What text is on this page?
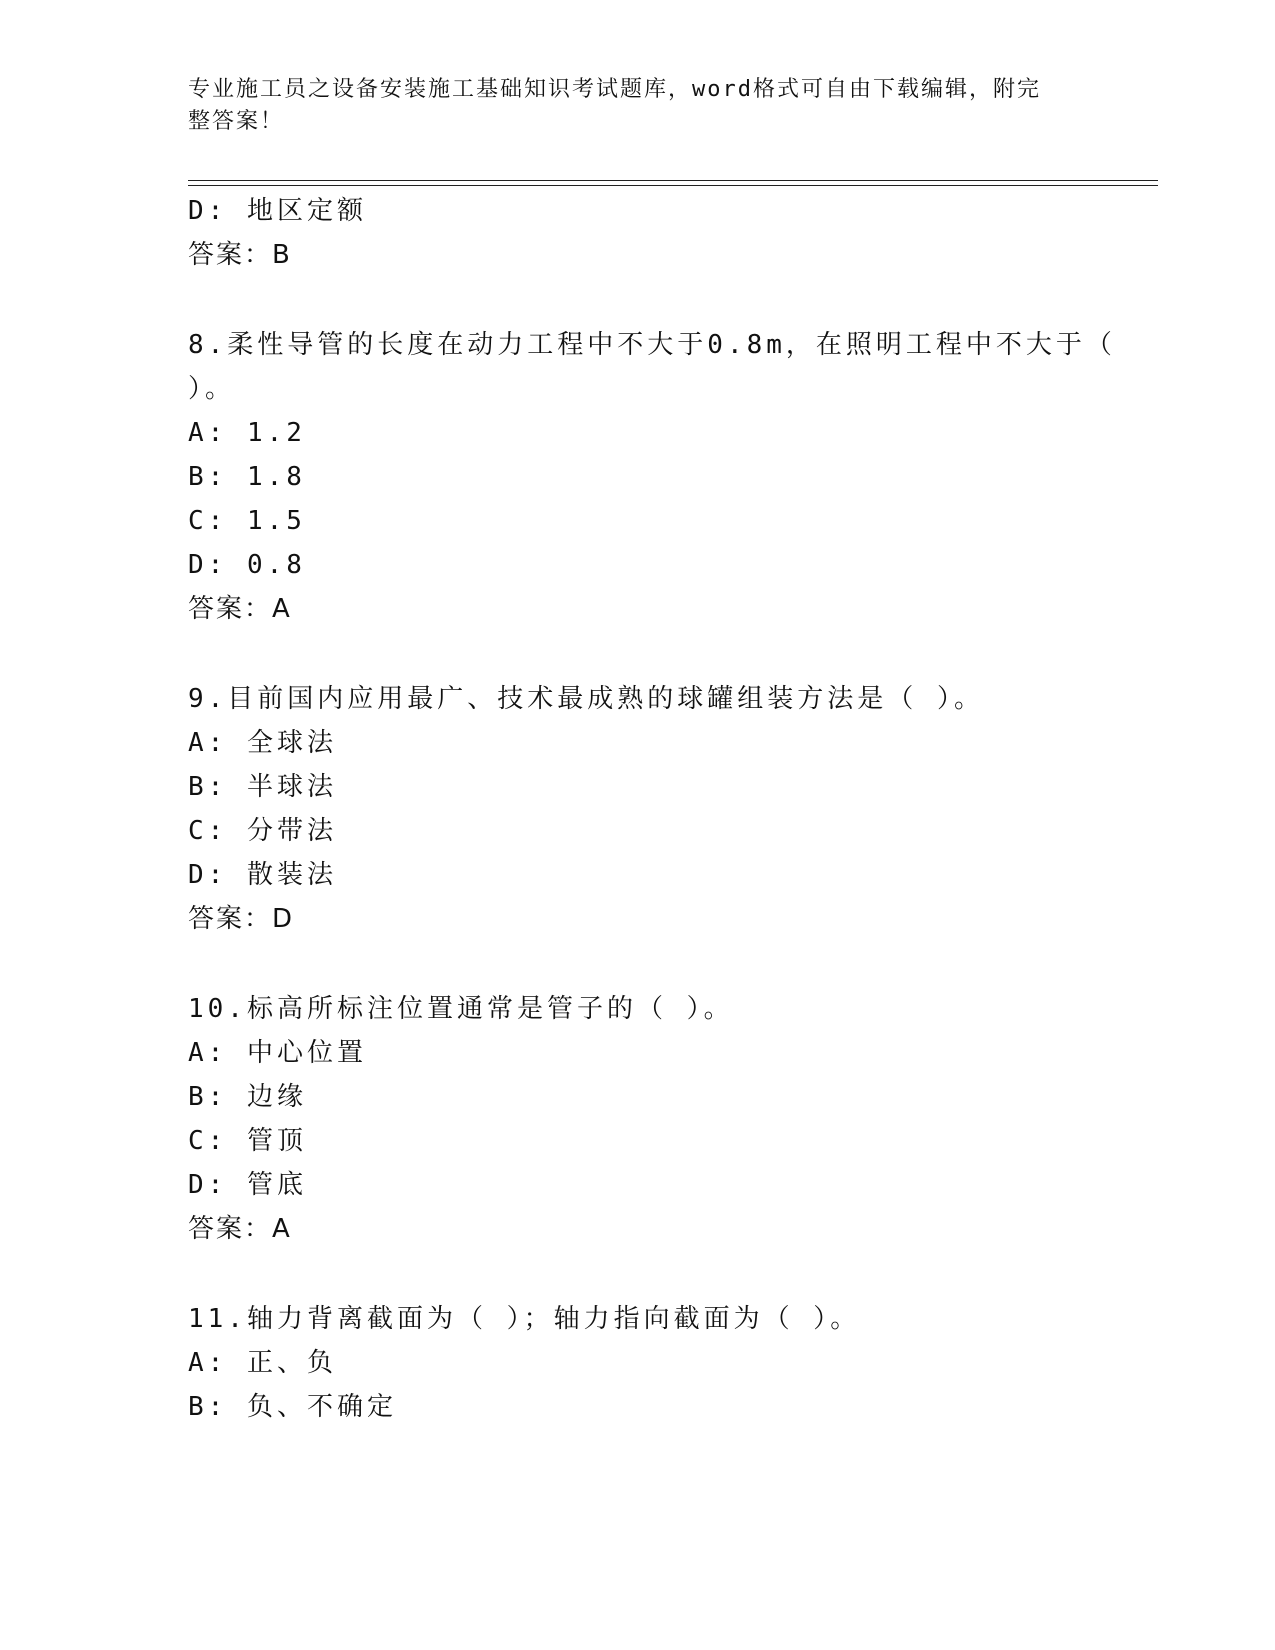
专业施工员之设备安装施工基础知识考试题库，word格式可自由下载编辑，附完
整答案！
D: 地区定额
答案：B
8.柔性导管的长度在动力工程中不大于0.8m，在照明工程中不大于（
）。
A: 1.2
B: 1.8
C: 1.5
D: 0.8
答案：A
9.目前国内应用最广、技术最成熟的球罐组装方法是（ ）。
A: 全球法
B: 半球法
C: 分带法
D: 散装法
答案：D
10.标高所标注位置通常是管子的（ ）。
A: 中心位置
B: 边缘
C: 管顶
D: 管底
答案：A
11.轴力背离截面为（ ）；轴力指向截面为（ ）。
A: 正、负
B: 负、不确定
